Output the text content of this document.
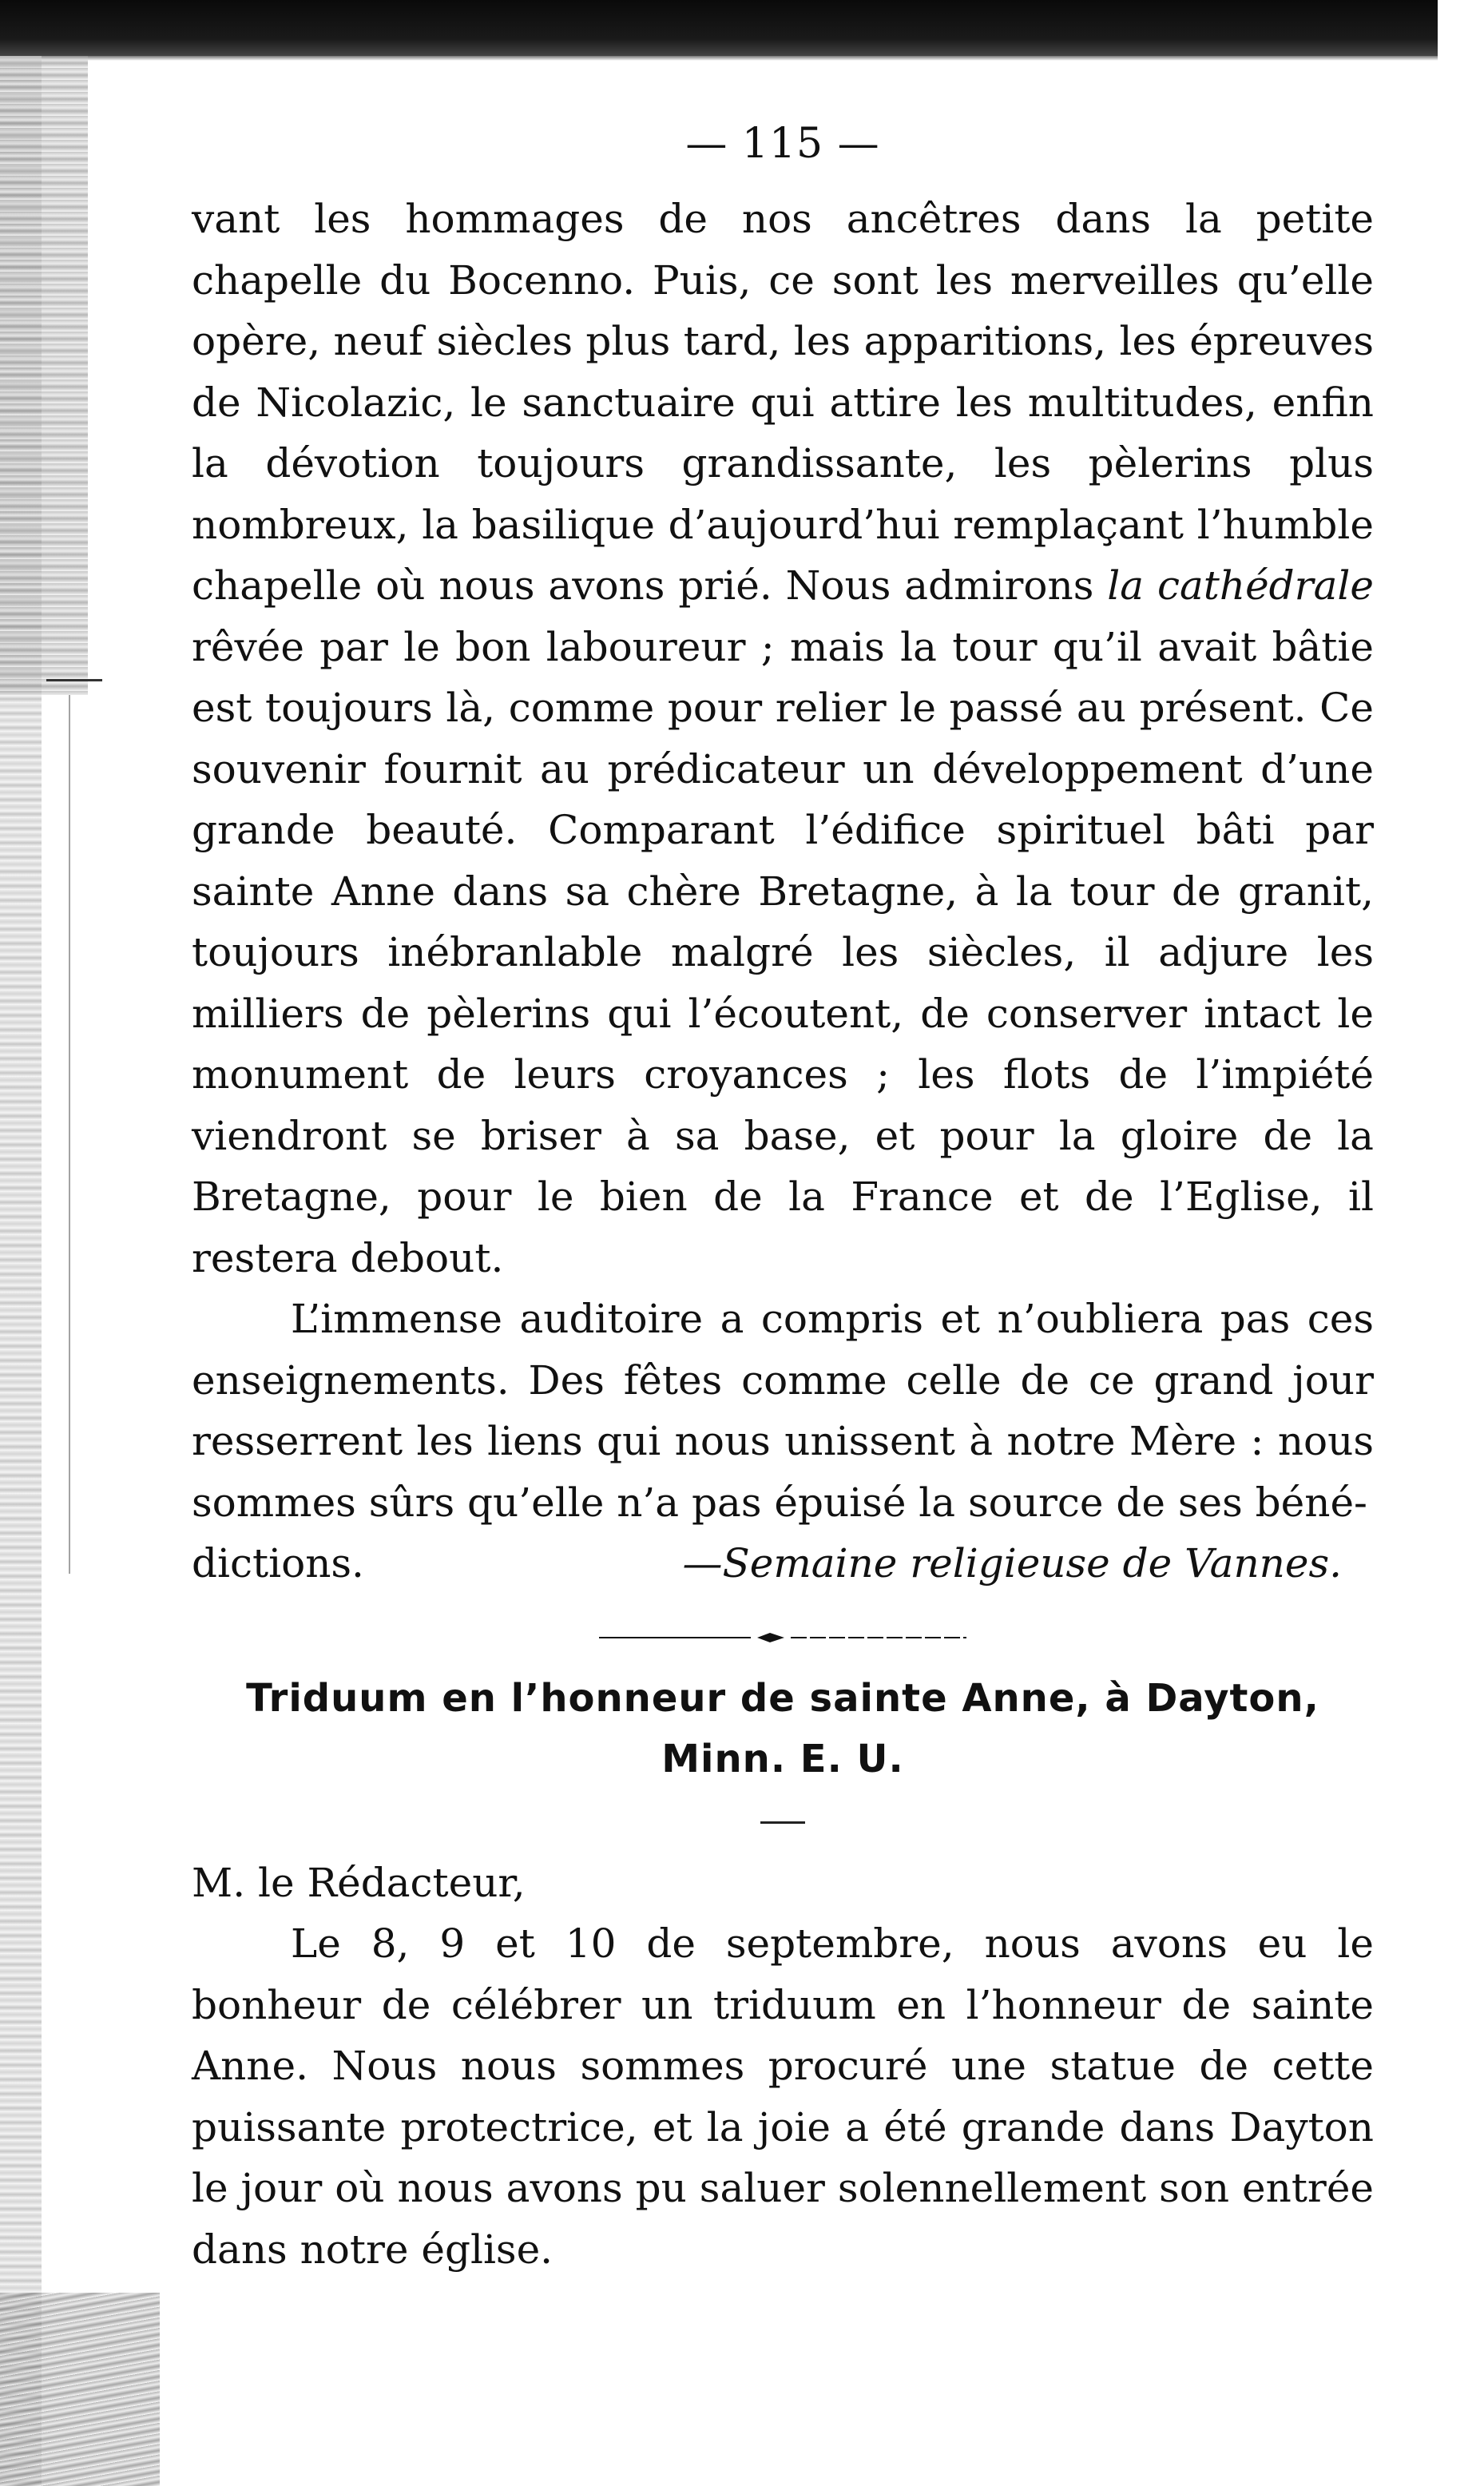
— 115 —

vant les hommages de nos ancêtres dans la petite chapelle du Bocenno. Puis, ce sont les merveilles qu’elle opère, neuf siècles plus tard, les apparitions, les épreuves de Nicolazic, le sanctuaire qui attire les multitudes, enfin la dévotion toujours grandissante, les pèlerins plus nombreux, la basilique d’aujourd’hui remplaçant l’humble chapelle où nous avons prié. Nous admirons la cathédrale rêvée par le bon laboureur ; mais la tour qu’il avait bâtie est toujours là, comme pour relier le passé au présent. Ce souvenir fournit au prédicateur un développement d’une grande beauté. Comparant l’édifice spirituel bâti par sainte Anne dans sa chère Bretagne, à la tour de granit, toujours inébranlable malgré les siècles, il adjure les milliers de pèlerins qui l’écoutent, de conserver intact le monument de leurs croyances ; les flots de l’impiété viendront se briser à sa base, et pour la gloire de la Bretagne, pour le bien de la France et de l’Eglise, il restera debout.

L’immense auditoire a compris et n’oubliera pas ces enseignements. Des fêtes comme celle de ce grand jour resserrent les liens qui nous unissent à notre Mère : nous sommes sûrs qu’elle n’a pas épuisé la source de ses béné-

dictions.	—Semaine religieuse de Vannes.

Triduum en l’honneur de sainte Anne, à Dayton,

Minn. E. U.

M. le Rédacteur,

Le 8, 9 et 10 de septembre, nous avons eu le bonheur de célébrer un triduum en l’honneur de sainte Anne. Nous nous sommes procuré une statue de cette puissante protectrice, et la joie a été grande dans Dayton le jour où nous avons pu saluer solennellement son entrée dans notre église.
